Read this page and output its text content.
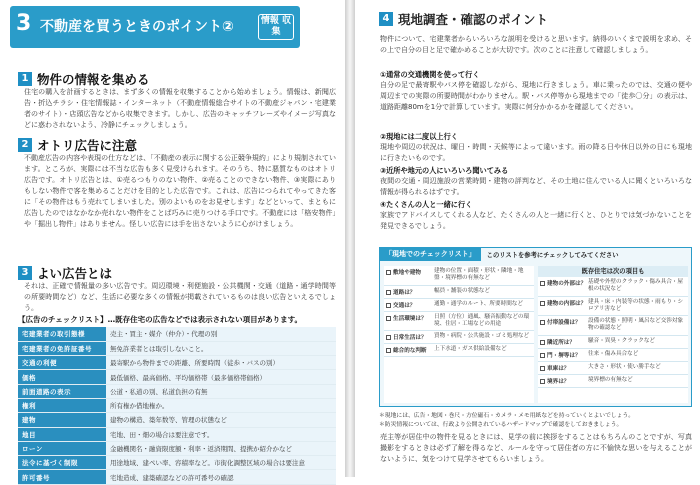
3 不動産を買うときのポイント②	情報 収集
1 物件の情報を集める
住宅の購入を計画するときは、まず多くの情報を収集することから始めましょう。情報は、新聞広告・折込チラシ・住宅情報誌・インターネット（不動産情報総合サイトの不動産ジャパン・宅建業者のサイト）・店頭広告などから収集できます。しかし、広告のキャッチフレーズやイメージ写真などに惑わされないよう、冷静にチェックしましょう。
2 オトリ広告に注意
不動産広告の内容や表現の仕方などは、「不動産の表示に関する公正競争規約」により規制されています。ところが、実際には不当な広告も多く見受けられます。そのうち、特に悪質なものはオトリ広告です。オトリ広告とは、①売るつもりのない物件、②売ることのできない物件、③実際にありもしない物件で客を集めることだけを目的とした広告です。これは、広告につられてやってきた客に「その物件はもう売れてしまいました。別のよいものをお見せします」などといって、まともに広告したのではなかなか売れない物件をことば巧みに売りつける手口です。不動産には「格安物件」や「掘出し物件」はありません。怪しい広告には手を出さないように心がけましょう。
3 よい広告とは
それは、正確で情報量の多い広告です。周辺環境・利便施設・公共機関・交通（道路・通学時間等の所要時間など）など、生活に必要な多くの情報が掲載されているものは良い広告といえるでしょう。
【広告のチェックリスト】…既存住宅の広告などでは表示されない項目があります。
宅建業者の取引態様	売主・買主・媒介（仲介）・代理の別
宅建業者の免許証番号	無免許業者とは取引しないこと。
交通の利便	最寄駅から物件までの距離、所要時間（徒歩・バスの別）
価格	最低価格、最高価格、平均価格帯（最多価格帯価格）
前面道路の表示	公道・私道の別、私道負担の有無
権利	所有権か借地権か。
建物	建物の構造、築年数等、管理の状態など
地目	宅地、田・畑の場合は要注意です。
ローン	金融機関名・融資限度額・利率・返済期間、提携か紹介かなど
法令に基づく制限	用途地域、建ぺい率、容積率など。市街化調整区域の場合は要注意
許可番号	宅地造成、建築確認などの許可番号の確認
4 現地調査・確認のポイント
物件について、宅建業者からいろいろな説明を受けると思います。納得のいくまで説明を求め、その上で自分の目と足で確かめることが大切です。次のことに注意して確認しましょう。
①通常の交通機関を使って行く
自分の足で最寄駅やバス停を確認しながら、現地に行きましょう。車に乗ったのでは、交通の便や周辺までの実際の所要時間がわかりません。駅・バス停等から現地までの「徒歩〇分」の表示は、道路距離80mを1分で計算しています。実際に何分かかるかを確認してください。
②現地には二度以上行く
現地や周辺の状況は、曜日・時間・天候等によって違います。雨の降る日や休日以外の日にも現地に行きたいものです。
③近所や地元の人にいろいろ聞いてみる
夜間の交通・周辺施設の営業時間・建物の評判など、その土地に住んでいる人に聞くといろいろな情報が得られるはずです。
④たくさんの人と一緒に行く
家族でアドバイスしてくれる人など、たくさんの人と一緒に行くと、ひとりでは気づかないことを発見できるでしょう。
「現地でのチェックリスト」	このリストを参考にチェックしてみてください
敷地や建物	建物の位置・面積・形状・隣地・地盤・境界標の有無など
道路は？	幅員・舗装の状態など
交通は？	通勤・通学のルート、所要時間など
生活環境は？	日照（方位）通風、騒音振動などの環境、住居・工場などの用途
日常生活は？	買物・病院・公共施設・ゴミ処理など
総合的な判断	上下水道・ガス供給設備など
既存住宅は次の項目も
建物の外部は？ 基礎や外壁のクラック・傷み具合・屋根の状況など
建物の内部は？ 建具・床・内装等の状態・雨もり・シロアリ害など
付帯設備は？	設備の状態・照明・風呂など交渉対象物の確認など
隣近所は？	騒音・異臭・クラックなど
門・塀等は？	往来・傷み具合など
車庫は？	大きさ・形状・使い勝手など
境界は？	境界標の有無など
＊現地には、広告・地図・巻尺・方位磁石・カメラ・メモ用紙などを持っていくとよいでしょう。
＊防災情報については、行政より公開されているハザードマップで確認をしておきましょう。
売主等が居住中の物件を見るときには、見学の前に挨拶をすることはもちろんのことですが、写真撮影をするときは必ず了解を得るなど、ルールを守って居住者の方に不愉快な思いを与えることがないように、気をつけて見学させてもらいましょう。
